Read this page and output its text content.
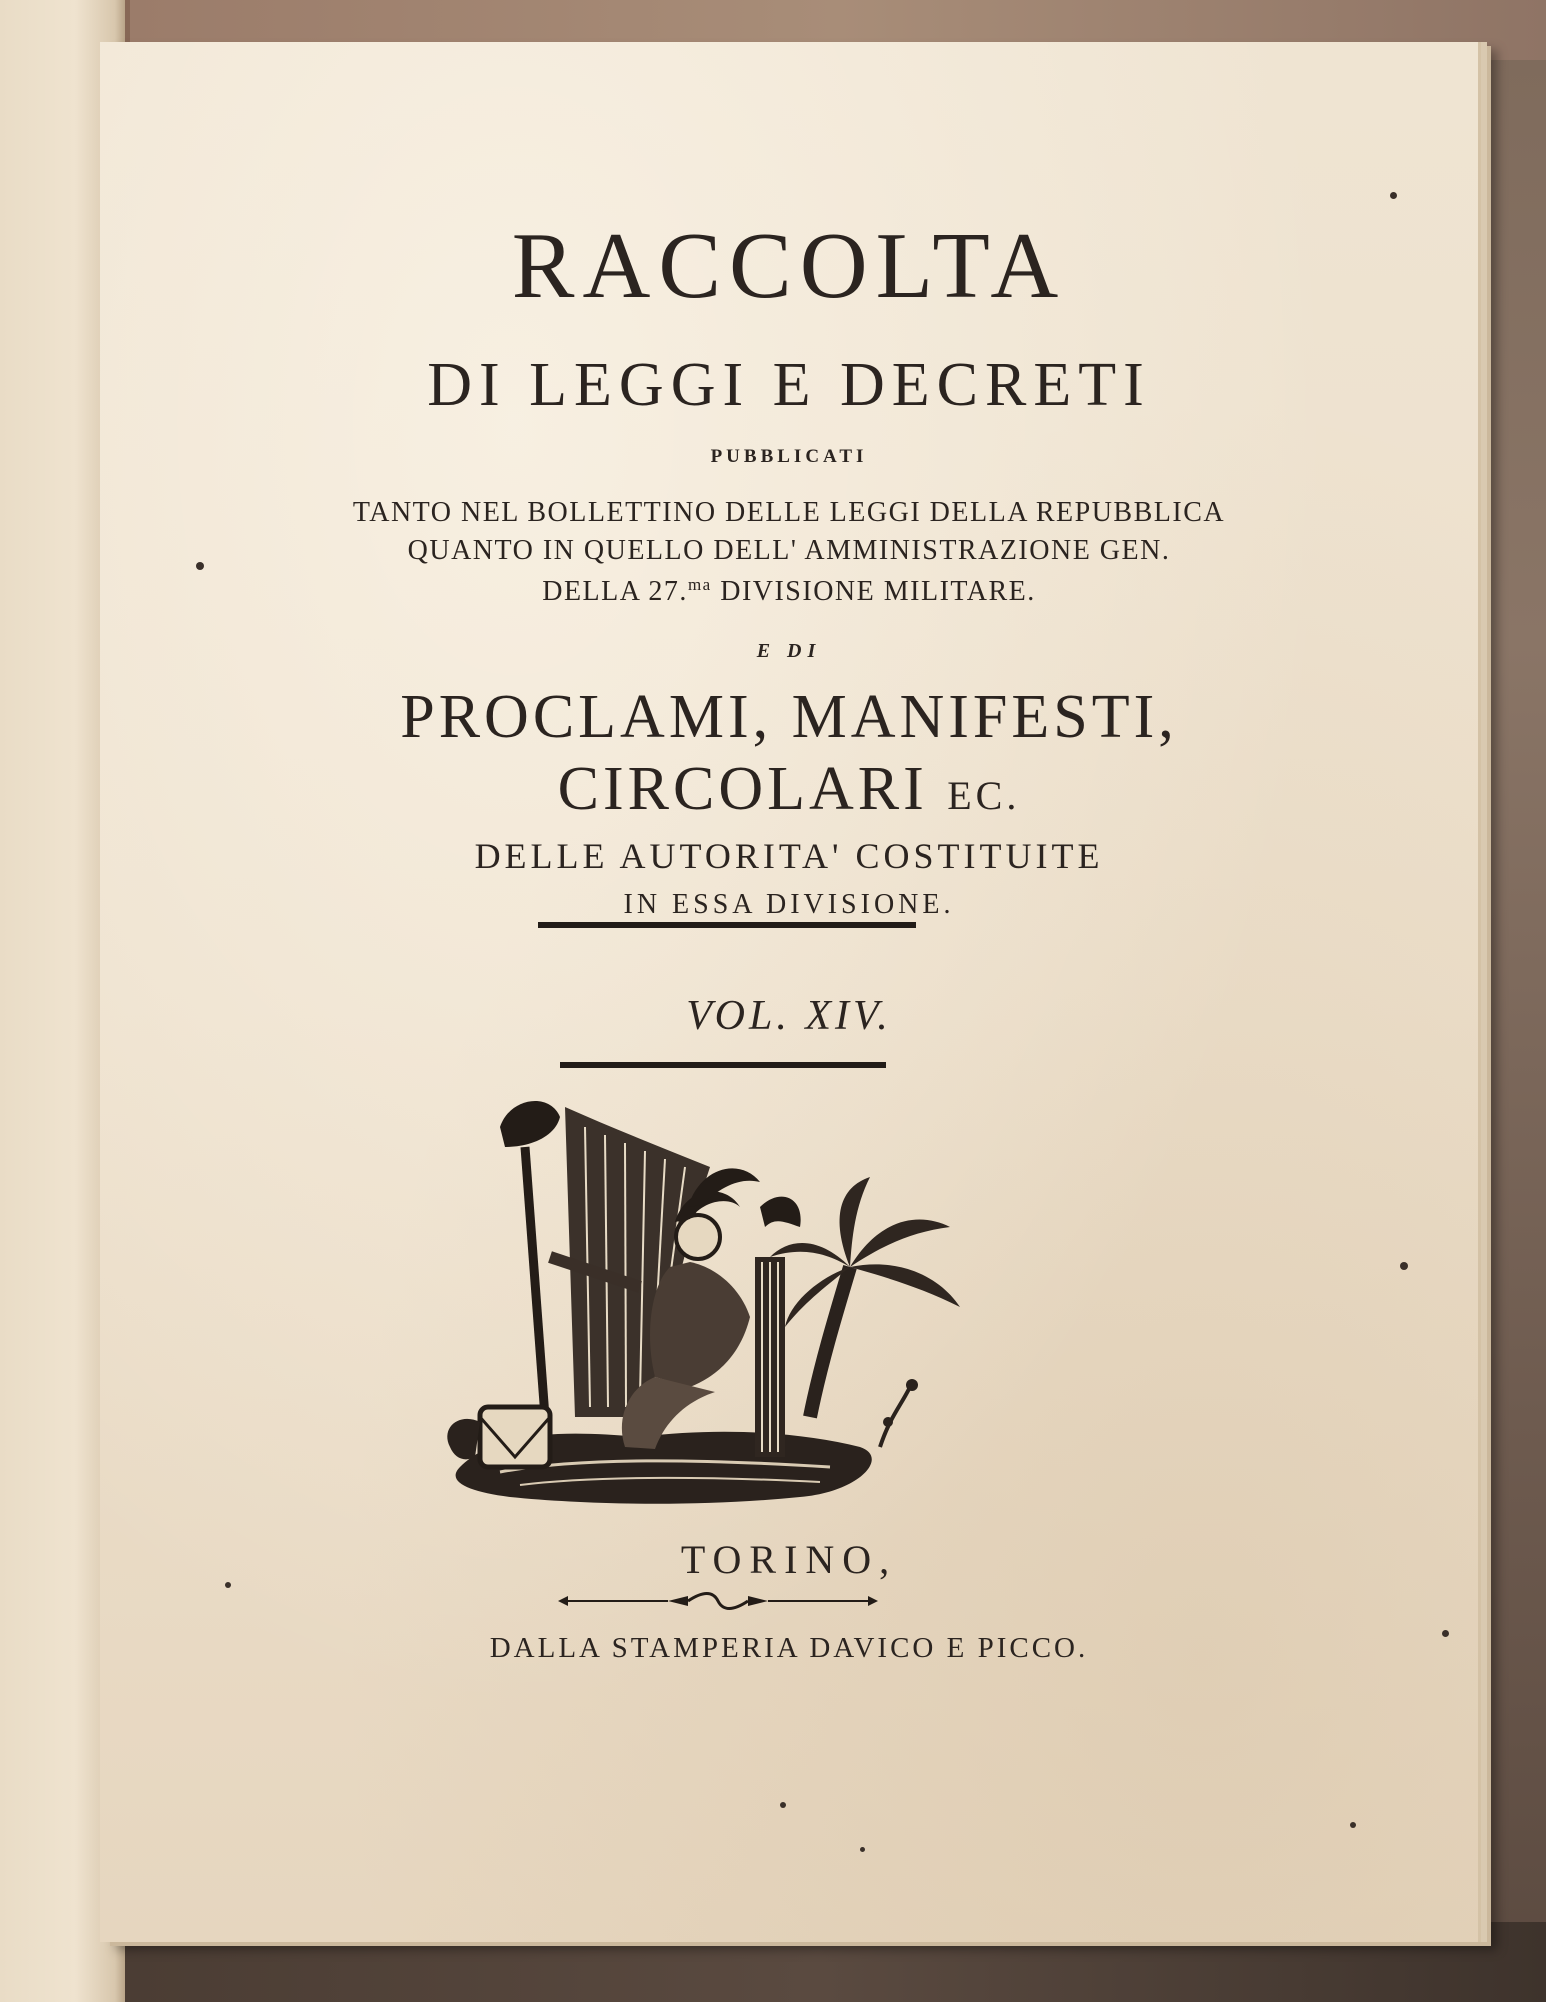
RACCOLTA
DI LEGGI E DECRETI
PUBBLICATI
TANTO NEL BOLLETTINO DELLE LEGGI DELLA REPUBBLICA
QUANTO IN QUELLO DELL' AMMINISTRAZIONE GEN.
DELLA 27.$^{ma}$ DIVISIONE MILITARE.
E DI
PROCLAMI, MANIFESTI,
CIRCOLARI EC.
DELLE AUTORITA' COSTITUITE
IN ESSA DIVISIONE.
VOL. XIV.
TORINO,
DALLA STAMPERIA DAVICO E PICCO.
